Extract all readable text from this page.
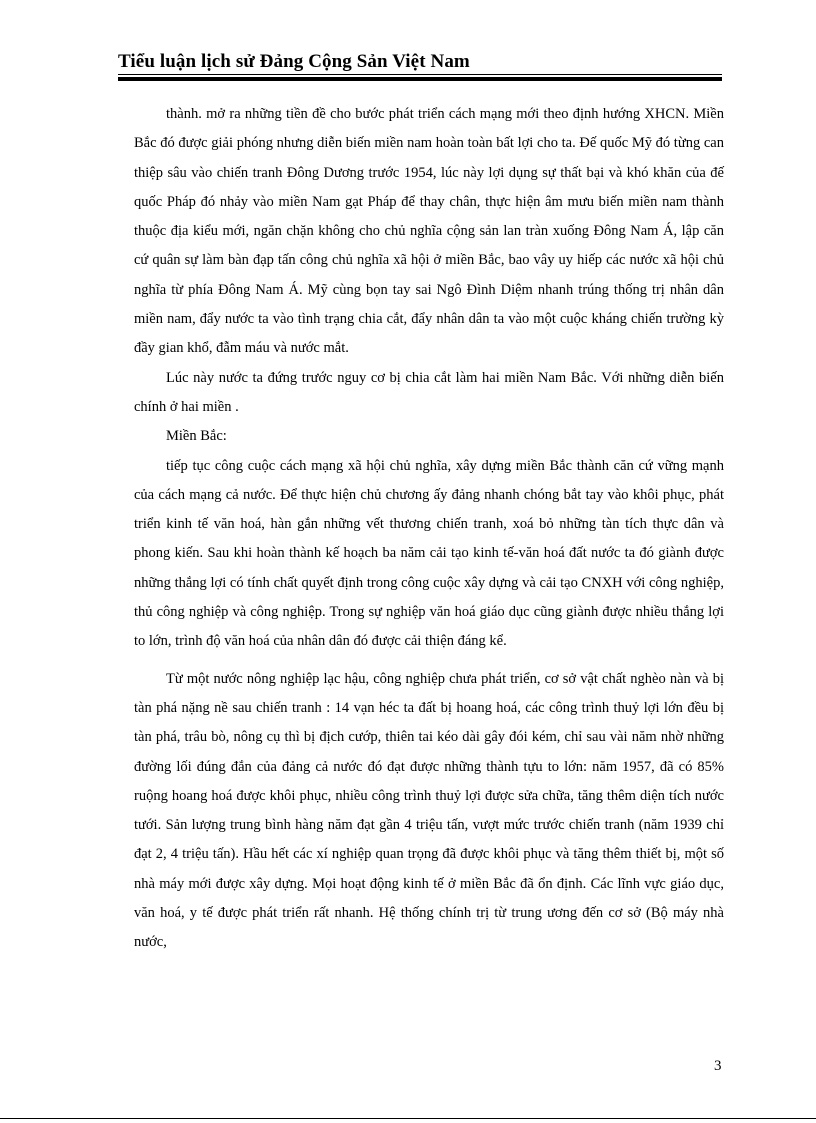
Tiểu luận lịch sử Đảng Cộng Sản Việt Nam

thành. mở ra những tiền đề cho bước phát triển cách mạng mới theo định hướng XHCN. Miền Bắc đó được giải phóng nhưng diễn biến miền nam hoàn toàn bất lợi cho ta. Đế quốc Mỹ đó từng can thiệp sâu vào chiến tranh Đông Dương trước 1954, lúc này lợi dụng sự thất bại và khó khăn của đế quốc Pháp đó nhảy vào miền Nam gạt Pháp để thay chân, thực hiện âm mưu biến miền nam thành thuộc địa kiểu mới, ngăn chặn không cho chủ nghĩa cộng sản lan tràn xuống Đông Nam Á, lập căn cứ quân sự làm bàn đạp tấn công chủ nghĩa xã hội ở miền Bắc, bao vây uy hiếp các nước xã hội chủ nghĩa từ phía Đông Nam Á. Mỹ cùng bọn tay sai Ngô Đình Diệm nhanh trúng thống trị nhân dân miền nam, đẩy nước ta vào tình trạng chia cắt, đẩy nhân dân ta vào một cuộc kháng chiến trường kỳ đầy gian khổ, đẫm máu và nước mắt.

Lúc này nước ta đứng trước nguy cơ bị chia cắt làm hai miền Nam Bắc. Với những diễn biến chính ở hai miền .

Miền Bắc:

tiếp tục công cuộc cách mạng xã hội chủ nghĩa, xây dựng miền Bắc thành căn cứ vững mạnh của cách mạng cả nước. Để thực hiện chủ chương ấy đảng nhanh chóng bắt tay vào khôi phục, phát triển kinh tế văn hoá, hàn gắn những vết thương chiến tranh, xoá bỏ những tàn tích thực dân và phong kiến. Sau khi hoàn thành kế hoạch ba năm cải tạo kinh tế-văn hoá đất nước ta đó giành được những thắng lợi có tính chất quyết định trong công cuộc xây dựng và cải tạo CNXH với công nghiệp, thủ công nghiệp và công nghiệp. Trong sự nghiệp văn hoá giáo dục cũng giành được nhiều thắng lợi to lớn, trình độ văn hoá của nhân dân đó được cải thiện đáng kể.

Từ một nước nông nghiệp lạc hậu, công nghiệp chưa phát triển, cơ sở vật chất nghèo nàn và bị tàn phá nặng nề sau chiến tranh : 14 vạn héc ta đất bị hoang hoá, các công trình thuỷ lợi lớn đều bị tàn phá, trâu bò, nông cụ thì bị địch cướp, thiên tai kéo dài gây đói kém, chỉ sau vài năm nhờ những đường lối đúng đắn của đảng cả nước đó đạt được những thành tựu to lớn: năm 1957, đã có 85% ruộng hoang hoá được khôi phục, nhiều công trình thuỷ lợi được sửa chữa, tăng thêm diện tích nước tưới. Sản lượng trung bình hàng năm đạt gần 4 triệu tấn, vượt mức trước chiến tranh (năm 1939 chỉ đạt 2, 4 triệu tấn). Hầu hết các xí nghiệp quan trọng đã được khôi phục và tăng thêm thiết bị, một số nhà máy mới được xây dựng. Mọi hoạt động kinh tế ở miền Bắc đã ổn định. Các lĩnh vực giáo dục, văn hoá, y tế được phát triển rất nhanh. Hệ thống chính trị từ trung ương đến cơ sở (Bộ máy nhà nước,

3
